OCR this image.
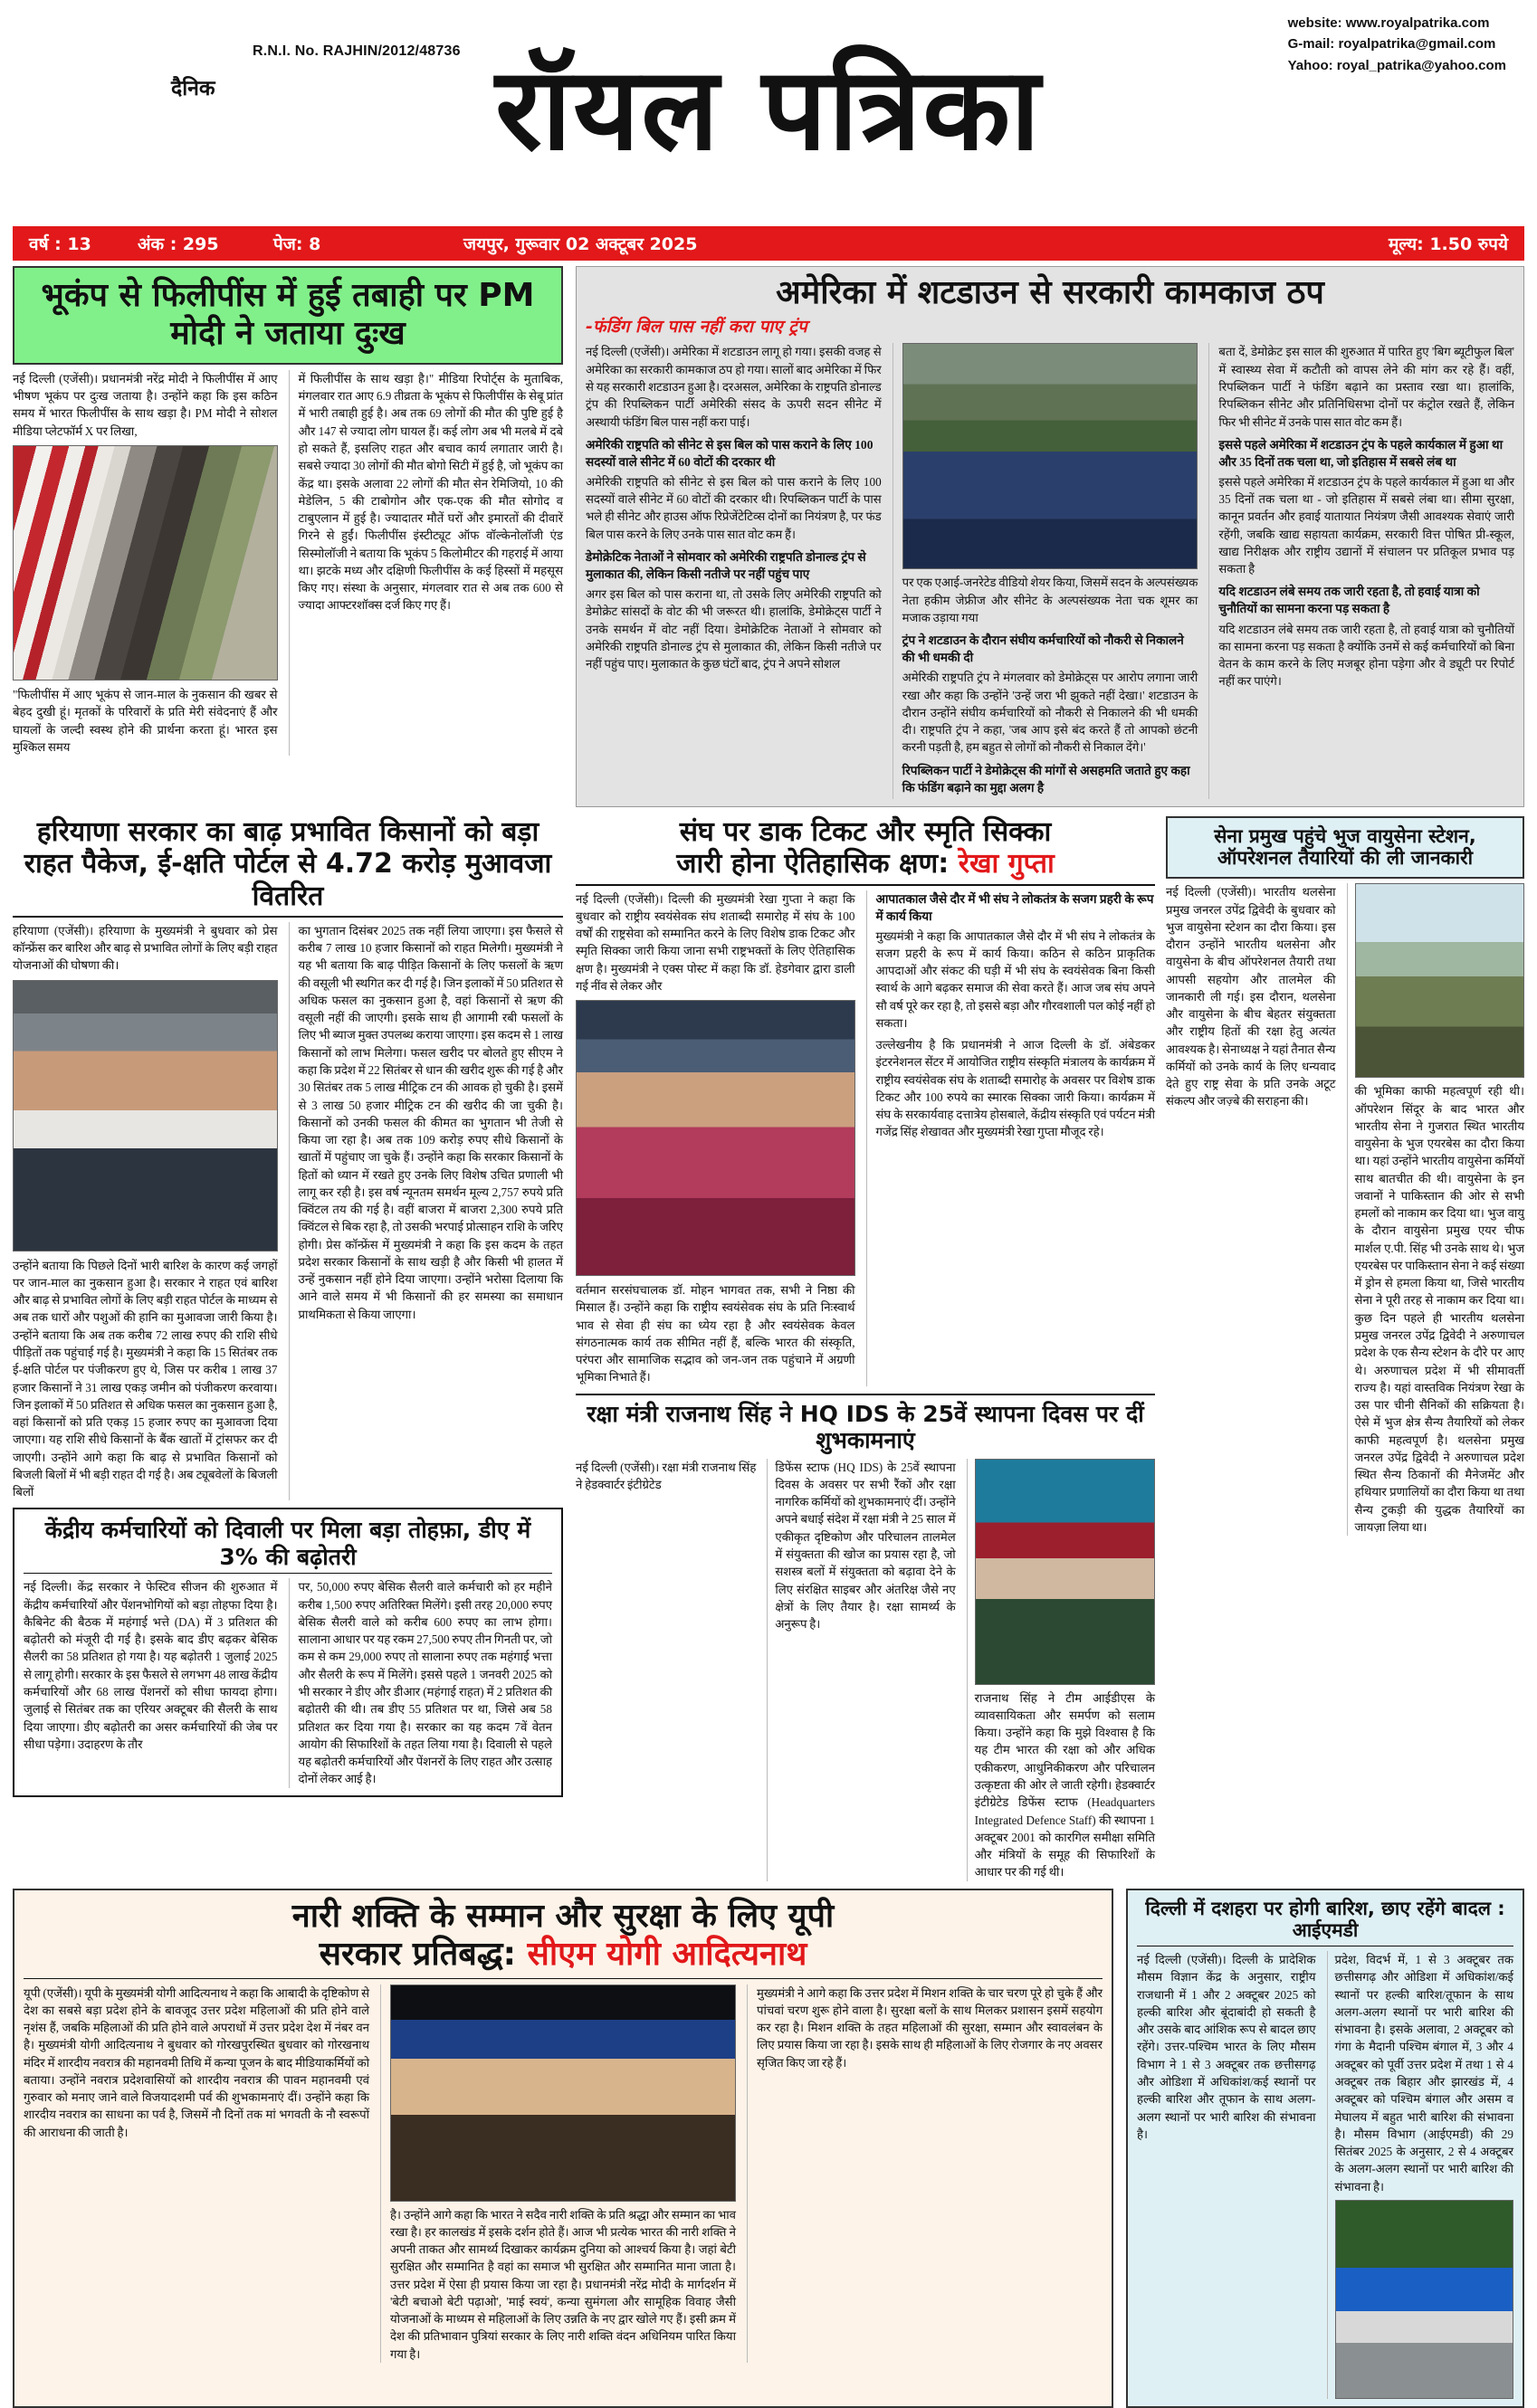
website: www.royalpatrika.com
G-mail: royalpatrika@gmail.com
Yahoo: royal_patrika@yahoo.com
R.N.I. No. RAJHIN/2012/48736
दैनिक	रॉयल पत्रिका
वर्ष : 13	अंक : 295	पेज: 8	जयपुर, गुरूवार 02 अक्टूबर 2025	मूल्य: 1.50 रुपये
भूकंप से फिलीपींस में हुई तबाही पर PM मोदी ने जताया दुःख

नई दिल्ली (एजेंसी)। प्रधानमंत्री नरेंद्र मोदी ने फिलीपींस में आए भीषण भूकंप पर दुःख जताया है। उन्होंने कहा कि इस कठिन समय में भारत फिलीपींस के साथ खड़ा है। PM मोदी ने सोशल मीडिया प्लेटफॉर्म X पर लिखा,

"फिलीपींस में आए भूकंप से जान-माल के नुकसान की खबर से बेहद दुखी हूं। मृतकों के परिवारों के प्रति मेरी संवेदनाएं हैं और घायलों के जल्दी स्वस्थ होने की प्रार्थना करता हूं। भारत इस मुश्किल समय

में फिलीपींस के साथ खड़ा है।" मीडिया रिपोर्ट्स के मुताबिक, मंगलवार रात आए 6.9 तीव्रता के भूकंप से फिलीपींस के सेबू प्रांत में भारी तबाही हुई है। अब तक 69 लोगों की मौत की पुष्टि हुई है और 147 से ज्यादा लोग घायल हैं। कई लोग अब भी मलबे में दबे हो सकते हैं, इसलिए राहत और बचाव कार्य लगातार जारी है। सबसे ज्यादा 30 लोगों की मौत बोगो सिटी में हुई है, जो भूकंप का केंद्र था। इसके अलावा 22 लोगों की मौत सेन रेमिजियो, 10 की मेडेलिन, 5 की टाबोगोन और एक-एक की मौत सोगोद व टाबुएलान में हुई है। ज्यादातर मौतें घरों और इमारतों की दीवारें गिरने से हुईं। फिलीपींस इंस्टीट्यूट ऑफ वॉल्केनोलॉजी एंड सिस्मोलॉजी ने बताया कि भूकंप 5 किलोमीटर की गहराई में आया था। झटके मध्य और दक्षिणी फिलीपींस के कई हिस्सों में महसूस किए गए। संस्था के अनुसार, मंगलवार रात से अब तक 600 से ज्यादा आफ्टरशॉक्स दर्ज किए गए हैं।

अमेरिका में शटडाउन से सरकारी कामकाज ठप
-फंडिंग बिल पास नहीं करा पाए ट्रंप

नई दिल्ली (एजेंसी)। अमेरिका में शटडाउन लागू हो गया। इसकी वजह से अमेरिका का सरकारी कामकाज ठप हो गया। सालों बाद अमेरिका में फिर से यह सरकारी शटडाउन हुआ है। दरअसल, अमेरिका के राष्ट्रपति डोनाल्ड ट्रंप की रिपब्लिकन पार्टी अमेरिकी संसद के ऊपरी सदन सीनेट में अस्थायी फंडिंग बिल पास नहीं करा पाई।

अमेरिकी राष्ट्रपति को सीनेट से इस बिल को पास कराने के लिए 100 सदस्यों वाले सीनेट में 60 वोटों की दरकार थी

अमेरिकी राष्ट्रपति को सीनेट से इस बिल को पास कराने के लिए 100 सदस्यों वाले सीनेट में 60 वोटों की दरकार थी। रिपब्लिकन पार्टी के पास भले ही सीनेट और हाउस ऑफ रिप्रेजेंटेटिव्स दोनों का नियंत्रण है, पर फंड बिल पास करने के लिए उनके पास सात वोट कम हैं।

डेमोक्रेटिक नेताओं ने सोमवार को अमेरिकी राष्ट्रपति डोनाल्ड ट्रंप से मुलाकात की, लेकिन किसी नतीजे पर नहीं पहुंच पाए

अगर इस बिल को पास कराना था, तो उसके लिए अमेरिकी राष्ट्रपति को डेमोक्रेट सांसदों के वोट की भी जरूरत थी। हालांकि, डेमोक्रेट्स पार्टी ने उनके समर्थन में वोट नहीं दिया। डेमोक्रेटिक नेताओं ने सोमवार को अमेरिकी राष्ट्रपति डोनाल्ड ट्रंप से मुलाकात की, लेकिन किसी नतीजे पर नहीं पहुंच पाए। मुलाकात के कुछ घंटों बाद, ट्रंप ने अपने सोशल

पर एक एआई-जनरेटेड वीडियो शेयर किया, जिसमें सदन के अल्पसंख्यक नेता हकीम जेफ्रीज और सीनेट के अल्पसंख्यक नेता चक शूमर का मजाक उड़ाया गया

ट्रंप ने शटडाउन के दौरान संघीय कर्मचारियों को नौकरी से निकालने की भी धमकी दी

अमेरिकी राष्ट्रपति ट्रंप ने मंगलवार को डेमोक्रेट्स पर आरोप लगाना जारी रखा और कहा कि उन्होंने 'उन्हें जरा भी झुकते नहीं देखा।' शटडाउन के दौरान उन्होंने संघीय कर्मचारियों को नौकरी से निकालने की भी धमकी दी। राष्ट्रपति ट्रंप ने कहा, 'जब आप इसे बंद करते हैं तो आपको छंटनी करनी पड़ती है, हम बहुत से लोगों को नौकरी से निकाल देंगे।'

रिपब्लिकन पार्टी ने डेमोक्रेट्स की मांगों से असहमति जताते हुए कहा कि फंडिंग बढ़ाने का मुद्दा अलग है

बता दें, डेमोक्रेट इस साल की शुरुआत में पारित हुए 'बिग ब्यूटीफुल बिल' में स्वास्थ्य सेवा में कटौती को वापस लेने की मांग कर रहे हैं। वहीं, रिपब्लिकन पार्टी ने फंडिंग बढ़ाने का प्रस्ताव रखा था। हालांकि, रिपब्लिकन सीनेट और प्रतिनिधिसभा दोनों पर कंट्रोल रखते हैं, लेकिन फिर भी सीनेट में उनके पास सात वोट कम हैं।

इससे पहले अमेरिका में शटडाउन ट्रंप के पहले कार्यकाल में हुआ था और 35 दिनों तक चला था, जो इतिहास में सबसे लंब था

इससे पहले अमेरिका में शटडाउन ट्रंप के पहले कार्यकाल में हुआ था और 35 दिनों तक चला था - जो इतिहास में सबसे लंबा था। सीमा सुरक्षा, कानून प्रवर्तन और हवाई यातायात नियंत्रण जैसी आवश्यक सेवाएं जारी रहेंगी, जबकि खाद्य सहायता कार्यक्रम, सरकारी वित्त पोषित प्री-स्कूल, खाद्य निरीक्षक और राष्ट्रीय उद्यानों में संचालन पर प्रतिकूल प्रभाव पड़ सकता है

यदि शटडाउन लंबे समय तक जारी रहता है, तो हवाई यात्रा को चुनौतियों का सामना करना पड़ सकता है

यदि शटडाउन लंबे समय तक जारी रहता है, तो हवाई यात्रा को चुनौतियों का सामना करना पड़ सकता है क्योंकि उनमें से कई कर्मचारियों को बिना वेतन के काम करने के लिए मजबूर होना पड़ेगा और वे ड्यूटी पर रिपोर्ट नहीं कर पाएंगे।

हरियाणा सरकार का बाढ़ प्रभावित किसानों को बड़ा राहत पैकेज, ई-क्षति पोर्टल से 4.72 करोड़ मुआवजा वितरित

हरियाणा (एजेंसी)। हरियाणा के मुख्यमंत्री ने बुधवार को प्रेस कॉन्फ्रेंस कर बारिश और बाढ़ से प्रभावित लोगों के लिए बड़ी राहत योजनाओं की घोषणा की।

उन्होंने बताया कि पिछले दिनों भारी बारिश के कारण कई जगहों पर जान-माल का नुकसान हुआ है। सरकार ने राहत एवं बारिश और बाढ़ से प्रभावित लोगों के लिए बड़ी राहत पोर्टल के माध्यम से अब तक धारों और पशुओं की हानि का मुआवजा जारी किया है। उन्होंने बताया कि अब तक करीब 72 लाख रुपए की राशि सीधे पीड़ितों तक पहुंचाई गई है। मुख्यमंत्री ने कहा कि 15 सितंबर तक ई-क्षति पोर्टल पर पंजीकरण हुए थे, जिस पर करीब 1 लाख 37 हजार किसानों ने 31 लाख एकड़ जमीन को पंजीकरण करवाया। जिन इलाकों में 50 प्रतिशत से अधिक फसल का नुकसान हुआ है, वहां किसानों को प्रति एकड़ 15 हजार रुपए का मुआवजा दिया जाएगा। यह राशि सीधे किसानों के बैंक खातों में ट्रांसफर कर दी जाएगी। उन्होंने आगे कहा कि बाढ़ से प्रभावित किसानों को बिजली बिलों में भी बड़ी राहत दी गई है। अब ट्यूबवेलों के बिजली बिलों

का भुगतान दिसंबर 2025 तक नहीं लिया जाएगा। इस फैसले से करीब 7 लाख 10 हजार किसानों को राहत मिलेगी। मुख्यमंत्री ने यह भी बताया कि बाढ़ पीड़ित किसानों के लिए फसलों के ऋण की वसूली भी स्थगित कर दी गई है। जिन इलाकों में 50 प्रतिशत से अधिक फसल का नुकसान हुआ है, वहां किसानों से ऋण की वसूली नहीं की जाएगी। इसके साथ ही आगामी रबी फसलों के लिए भी ब्याज मुक्त उपलब्ध कराया जाएगा। इस कदम से 1 लाख किसानों को लाभ मिलेगा। फसल खरीद पर बोलते हुए सीएम ने कहा कि प्रदेश में 22 सितंबर से धान की खरीद शुरू की गई है और 30 सितंबर तक 5 लाख मीट्रिक टन की आवक हो चुकी है। इसमें से 3 लाख 50 हजार मीट्रिक टन की खरीद की जा चुकी है। किसानों को उनकी फसल की कीमत का भुगतान भी तेजी से किया जा रहा है। अब तक 109 करोड़ रुपए सीधे किसानों के खातों में पहुंचाए जा चुके हैं। उन्होंने कहा कि सरकार किसानों के हितों को ध्यान में रखते हुए उनके लिए विशेष उचित प्रणाली भी लागू कर रही है। इस वर्ष न्यूनतम समर्थन मूल्य 2,757 रुपये प्रति क्विंटल तय की गई है। वहीं बाजरा में बाजरा 2,300 रुपये प्रति क्विंटल से बिक रहा है, तो उसकी भरपाई प्रोत्साहन राशि के जरिए होगी। प्रेस कॉन्फ्रेंस में मुख्यमंत्री ने कहा कि इस कदम के तहत प्रदेश सरकार किसानों के साथ खड़ी है और किसी भी हालत में उन्हें नुकसान नहीं होने दिया जाएगा। उन्होंने भरोसा दिलाया कि आने वाले समय में भी किसानों की हर समस्या का समाधान प्राथमिकता से किया जाएगा।

केंद्रीय कर्मचारियों को दिवाली पर मिला बड़ा तोहफ़ा, डीए में 3% की बढ़ोतरी

नई दिल्ली। केंद्र सरकार ने फेस्टिव सीजन की शुरुआत में केंद्रीय कर्मचारियों और पेंशनभोगियों को बड़ा तोहफा दिया है। कैबिनेट की बैठक में महंगाई भत्ते (DA) में 3 प्रतिशत की बढ़ोतरी को मंजूरी दी गई है। इसके बाद डीए बढ़कर बेसिक सैलरी का 58 प्रतिशत हो गया है। यह बढ़ोतरी 1 जुलाई 2025 से लागू होगी। सरकार के इस फैसले से लगभग 48 लाख केंद्रीय कर्मचारियों और 68 लाख पेंशनरों को सीधा फायदा होगा। जुलाई से सितंबर तक का एरियर अक्टूबर की सैलरी के साथ दिया जाएगा। डीए बढ़ोतरी का असर कर्मचारियों की जेब पर सीधा पड़ेगा। उदाहरण के तौर

पर, 50,000 रुपए बेसिक सैलरी वाले कर्मचारी को हर महीने करीब 1,500 रुपए अतिरिक्त मिलेंगे। इसी तरह 20,000 रुपए बेसिक सैलरी वाले को करीब 600 रुपए का लाभ होगा। सालाना आधार पर यह रकम 27,500 रुपए तीन गिनती पर, जो कम से कम 29,000 रुपए तो सालाना रुपए तक महंगाई भत्ता और सैलरी के रूप में मिलेंगे। इससे पहले 1 जनवरी 2025 को भी सरकार ने डीए और डीआर (महंगाई राहत) में 2 प्रतिशत की बढ़ोतरी की थी। तब डीए 55 प्रतिशत पर था, जिसे अब 58 प्रतिशत कर दिया गया है। सरकार का यह कदम 7वें वेतन आयोग की सिफारिशों के तहत लिया गया है। दिवाली से पहले यह बढ़ोतरी कर्मचारियों और पेंशनरों के लिए राहत और उत्साह दोनों लेकर आई है।

संघ पर डाक टिकट और स्मृति सिक्का
जारी होना ऐतिहासिक क्षण: रेखा गुप्ता

नई दिल्ली (एजेंसी)। दिल्ली की मुख्यमंत्री रेखा गुप्ता ने कहा कि बुधवार को राष्ट्रीय स्वयंसेवक संघ शताब्दी समारोह में संघ के 100 वर्षों की राष्ट्रसेवा को सम्मानित करने के लिए विशेष डाक टिकट और स्मृति सिक्का जारी किया जाना सभी राष्ट्रभक्तों के लिए ऐतिहासिक क्षण है। मुख्यमंत्री ने एक्स पोस्ट में कहा कि डॉ. हेडगेवार द्वारा डाली गई नींव से लेकर और

वर्तमान सरसंघचालक डॉ. मोहन भागवत तक, सभी ने निष्ठा की मिसाल हैं। उन्होंने कहा कि राष्ट्रीय स्वयंसेवक संघ के प्रति निःस्वार्थ भाव से सेवा ही संघ का ध्येय रहा है और स्वयंसेवक केवल संगठनात्मक कार्य तक सीमित नहीं हैं, बल्कि भारत की संस्कृति, परंपरा और सामाजिक सद्भाव को जन-जन तक पहुंचाने में अग्रणी भूमिका निभाते हैं।

आपातकाल जैसे दौर में भी संघ ने लोकतंत्र के सजग प्रहरी के रूप में कार्य किया

मुख्यमंत्री ने कहा कि आपातकाल जैसे दौर में भी संघ ने लोकतंत्र के सजग प्रहरी के रूप में कार्य किया। कठिन से कठिन प्राकृतिक आपदाओं और संकट की घड़ी में भी संघ के स्वयंसेवक बिना किसी स्वार्थ के आगे बढ़कर समाज की सेवा करते हैं। आज जब संघ अपने सौ वर्ष पूरे कर रहा है, तो इससे बड़ा और गौरवशाली पल कोई नहीं हो सकता।

उल्लेखनीय है कि प्रधानमंत्री ने आज दिल्ली के डॉ. अंबेडकर इंटरनेशनल सेंटर में आयोजित राष्ट्रीय संस्कृति मंत्रालय के कार्यक्रम में राष्ट्रीय स्वयंसेवक संघ के शताब्दी समारोह के अवसर पर विशेष डाक टिकट और 100 रुपये का स्मारक सिक्का जारी किया। कार्यक्रम में संघ के सरकार्यवाह दत्तात्रेय होसबाले, केंद्रीय संस्कृति एवं पर्यटन मंत्री गजेंद्र सिंह शेखावत और मुख्यमंत्री रेखा गुप्ता मौजूद रहे।

रक्षा मंत्री राजनाथ सिंह ने HQ IDS के 25वें स्थापना दिवस पर दीं शुभकामनाएं

नई दिल्ली (एजेंसी)। रक्षा मंत्री राजनाथ सिंह ने हेडक्वार्टर इंटीग्रेटेड

डिफेंस स्टाफ (HQ IDS) के 25वें स्थापना दिवस के अवसर पर सभी रैंकों और रक्षा नागरिक कर्मियों को शुभकामनाएं दीं। उन्होंने अपने बधाई संदेश में रक्षा मंत्री ने 25 साल में एकीकृत दृष्टिकोण और परिचालन तालमेल में संयुक्तता की खोज का प्रयास रहा है, जो सशस्त्र बलों में संयुक्तता को बढ़ावा देने के लिए संरक्षित साइबर और अंतरिक्ष जैसे नए क्षेत्रों के लिए तैयार है। रक्षा सामर्थ्य के अनुरूप है।

राजनाथ सिंह ने टीम आईडीएस के व्यावसायिकता और समर्पण को सलाम किया। उन्होंने कहा कि मुझे विश्वास है कि यह टीम भारत की रक्षा को और अधिक एकीकरण, आधुनिकीकरण और परिचालन उत्कृष्टता की ओर ले जाती रहेगी। हेडक्वार्टर इंटीग्रेटेड डिफेंस स्टाफ (Headquarters Integrated Defence Staff) की स्थापना 1 अक्टूबर 2001 को कारगिल समीक्षा समिति और मंत्रियों के समूह की सिफारिशों के आधार पर की गई थी।

सेना प्रमुख पहुंचे भुज वायुसेना स्टेशन, ऑपरेशनल तैयारियों की ली जानकारी

नई दिल्ली (एजेंसी)। भारतीय थलसेना प्रमुख जनरल उपेंद्र द्विवेदी के बुधवार को भुज वायुसेना स्टेशन का दौरा किया। इस दौरान उन्होंने भारतीय थलसेना और वायुसेना के बीच ऑपरेशनल तैयारी तथा आपसी सहयोग और तालमेल की जानकारी ली गई। इस दौरान, थलसेना और वायुसेना के बीच बेहतर संयुक्तता और राष्ट्रीय हितों की रक्षा हेतु अत्यंत आवश्यक है। सेनाध्यक्ष ने यहां तैनात सैन्य कर्मियों को उनके कार्य के लिए धन्यवाद देते हुए राष्ट्र सेवा के प्रति उनके अटूट संकल्प और जज़्बे की सराहना की।

की भूमिका काफी महत्वपूर्ण रही थी। ऑपरेशन सिंदूर के बाद भारत और भारतीय सेना ने गुजरात स्थित भारतीय वायुसेना के भुज एयरबेस का दौरा किया था। यहां उन्होंने भारतीय वायुसेना कर्मियों साथ बातचीत की थी। वायुसेना के इन जवानों ने पाकिस्तान की ओर से सभी हमलों को नाकाम कर दिया था। भुज वायु के दौरान वायुसेना प्रमुख एयर चीफ मार्शल ए.पी. सिंह भी उनके साथ थे। भुज एयरबेस पर पाकिस्तान सेना ने कई संख्या में ड्रोन से हमला किया था, जिसे भारतीय सेना ने पूरी तरह से नाकाम कर दिया था। कुछ दिन पहले ही भारतीय थलसेना प्रमुख जनरल उपेंद्र द्विवेदी ने अरुणाचल प्रदेश के एक सैन्य स्टेशन के दौरे पर आए थे। अरुणाचल प्रदेश में भी सीमावर्ती राज्य है। यहां वास्तविक नियंत्रण रेखा के उस पार चीनी सैनिकों की सक्रियता है। ऐसे में भुज क्षेत्र सैन्य तैयारियों को लेकर काफी महत्वपूर्ण है। थलसेना प्रमुख जनरल उपेंद्र द्विवेदी ने अरुणाचल प्रदेश स्थित सैन्य ठिकानों की मैनेजमेंट और हथियार प्रणालियों का दौरा किया था तथा सैन्य टुकड़ी की युद्धक तैयारियों का जायज़ा लिया था।

नारी शक्ति के सम्मान और सुरक्षा के लिए यूपी
सरकार प्रतिबद्ध: सीएम योगी आदित्यनाथ

यूपी (एजेंसी)। यूपी के मुख्यमंत्री योगी आदित्यनाथ ने कहा कि आबादी के दृष्टिकोण से देश का सबसे बड़ा प्रदेश होने के बावजूद उत्तर प्रदेश महिलाओं की प्रति होने वाले नृशंस हैं, जबकि महिलाओं की प्रति होने वाले अपराधों में उत्तर प्रदेश देश में नंबर वन है। मुख्यमंत्री योगी आदित्यनाथ ने बुधवार को गोरखपुरस्थित बुधवार को गोरखनाथ मंदिर में शारदीय नवरात्र की महानवमी तिथि में कन्या पूजन के बाद मीडियाकर्मियों को बताया। उन्होंने नवरात्र प्रदेशवासियों को शारदीय नवरात्र की पावन महानवमी एवं गुरुवार को मनाए जाने वाले विजयादशमी पर्व की शुभकामनाएं दीं। उन्होंने कहा कि शारदीय नवरात्र का साधना का पर्व है, जिसमें नौ दिनों तक मां भगवती के नौ स्वरूपों की आराधना की जाती है।

है। उन्होंने आगे कहा कि भारत ने सदैव नारी शक्ति के प्रति श्रद्धा और सम्मान का भाव रखा है। हर कालखंड में इसके दर्शन होते हैं। आज भी प्रत्येक भारत की नारी शक्ति ने अपनी ताकत और सामर्थ्य दिखाकर कार्यक्रम दुनिया को आश्चर्य किया है। जहां बेटी सुरक्षित और सम्मानित है वहां का समाज भी सुरक्षित और सम्मानित माना जाता है। उत्तर प्रदेश में ऐसा ही प्रयास किया जा रहा है। प्रधानमंत्री नरेंद्र मोदी के मार्गदर्शन में 'बेटी बचाओ बेटी पढ़ाओ', 'माई स्वयं', कन्या सुमंगला और सामूहिक विवाह जैसी योजनाओं के माध्यम से महिलाओं के लिए उन्नति के नए द्वार खोले गए हैं। इसी क्रम में देश की प्रतिभावान पुत्रियां सरकार के लिए नारी शक्ति वंदन अधिनियम पारित किया गया है।

मुख्यमंत्री ने आगे कहा कि उत्तर प्रदेश में मिशन शक्ति के चार चरण पूरे हो चुके हैं और पांचवां चरण शुरू होने वाला है। सुरक्षा बलों के साथ मिलकर प्रशासन इसमें सहयोग कर रहा है। मिशन शक्ति के तहत महिलाओं की सुरक्षा, सम्मान और स्वावलंबन के लिए प्रयास किया जा रहा है। इसके साथ ही महिलाओं के लिए रोजगार के नए अवसर सृजित किए जा रहे हैं।

दिल्ली में दशहरा पर होगी बारिश, छाए रहेंगे बादल : आईएमडी

नई दिल्ली (एजेंसी)। दिल्ली के प्रादेशिक मौसम विज्ञान केंद्र के अनुसार, राष्ट्रीय राजधानी में 1 और 2 अक्टूबर 2025 को हल्की बारिश और बूंदाबांदी हो सकती है और उसके बाद आंशिक रूप से बादल छाए रहेंगे। उत्तर-पश्चिम भारत के लिए मौसम विभाग ने 1 से 3 अक्टूबर तक छत्तीसगढ़ और ओडिशा में अधिकांश/कई स्थानों पर हल्की बारिश और तूफान के साथ अलग-अलग स्थानों पर भारी बारिश की संभावना है।

प्रदेश, विदर्भ में, 1 से 3 अक्टूबर तक छत्तीसगढ़ और ओडिशा में अधिकांश/कई स्थानों पर हल्की बारिश/तूफान के साथ अलग-अलग स्थानों पर भारी बारिश की संभावना है। इसके अलावा, 2 अक्टूबर को गंगा के मैदानी पश्चिम बंगाल में, 3 और 4 अक्टूबर को पूर्वी उत्तर प्रदेश में तथा 1 से 4 अक्टूबर तक बिहार और झारखंड में, 4 अक्टूबर को पश्चिम बंगाल और असम व मेघालय में बहुत भारी बारिश की संभावना है। मौसम विभाग (आईएमडी) की 29 सितंबर 2025 के अनुसार, 2 से 4 अक्टूबर के अलग-अलग स्थानों पर भारी बारिश की संभावना है।
